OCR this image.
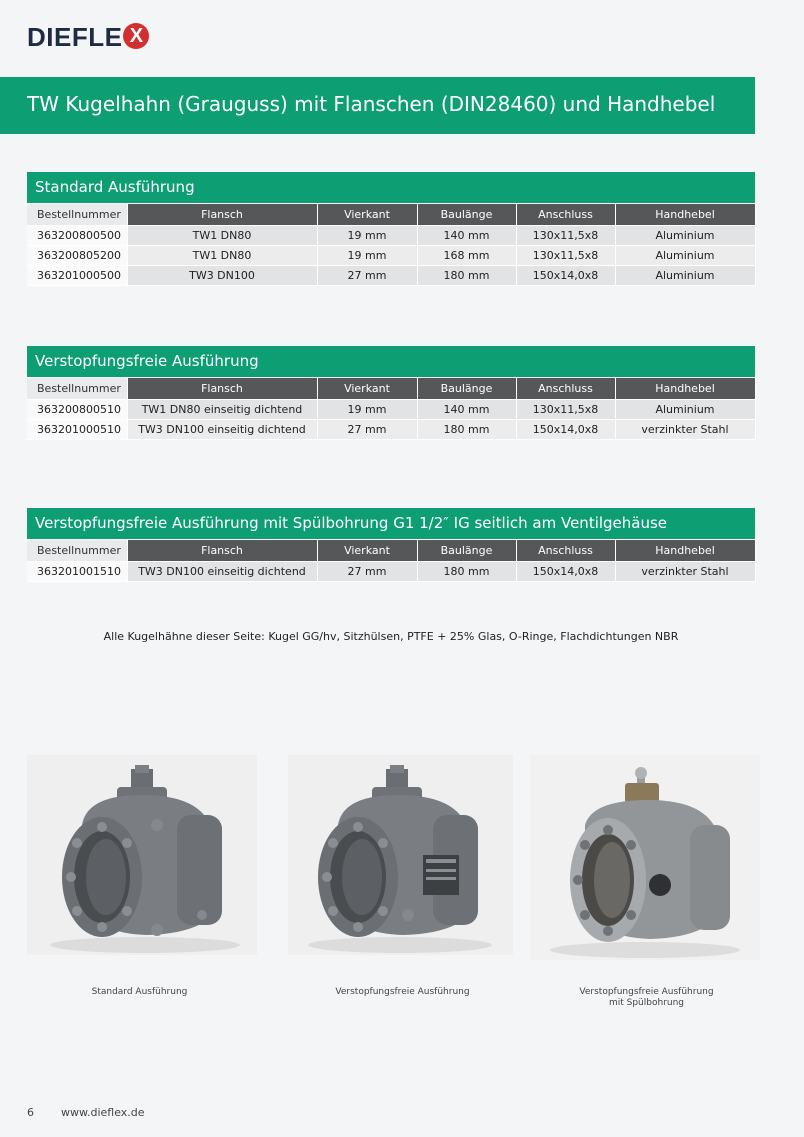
DIEFLE X
TW Kugelhahn (Grauguss) mit Flanschen (DIN28460) und Handhebel
Standard Ausführung
Bestellnummer	Flansch	Vierkant	Baulänge	Anschluss	Handhebel
363200800500	TW1 DN80	19 mm	140 mm	130x11,5x8	Aluminium
363200805200	TW1 DN80	19 mm	168 mm	130x11,5x8	Aluminium
363201000500	TW3 DN100	27 mm	180 mm	150x14,0x8	Aluminium
Verstopfungsfreie Ausführung
Bestellnummer	Flansch	Vierkant	Baulänge	Anschluss	Handhebel
363200800510	TW1 DN80 einseitig dichtend	19 mm	140 mm	130x11,5x8	Aluminium
363201000510	TW3 DN100 einseitig dichtend	27 mm	180 mm	150x14,0x8	verzinkter Stahl
Verstopfungsfreie Ausführung mit Spülbohrung G1 1/2″ IG seitlich am Ventilgehäuse
Bestellnummer	Flansch	Vierkant	Baulänge	Anschluss	Handhebel
363201001510	TW3 DN100 einseitig dichtend	27 mm	180 mm	150x14,0x8	verzinkter Stahl
Alle Kugelhähne dieser Seite: Kugel GG/hv, Sitzhülsen, PTFE + 25% Glas, O-Ringe, Flachdichtungen NBR
Standard Ausführung	Verstopfungsfreie Ausführung	Verstopfungsfreie Ausführung
mit Spülbohrung
6 www.dieflex.de
